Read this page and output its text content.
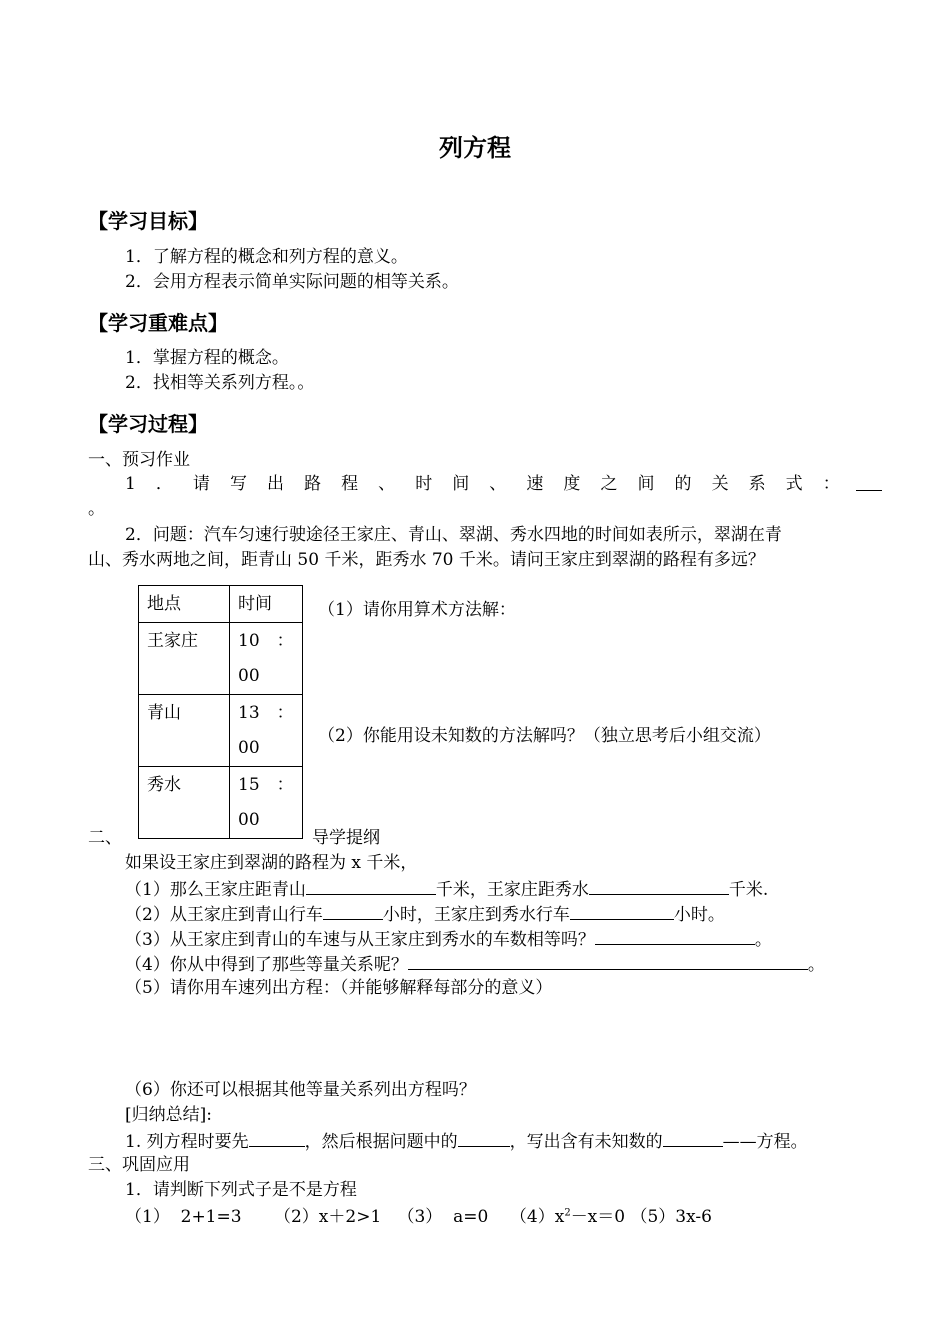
列方程
【学习目标】
1．了解方程的概念和列方程的意义。
2．会用方程表示简单实际问题的相等关系。
【学习重难点】
1．掌握方程的概念。
2．找相等关系列方程。。
【学习过程】
一、预习作业
1 ． 请 写 出 路 程 、 时 间 、 速 度 之 间 的 关 系 式 ：
。
2．问题：汽车匀速行驶途径王家庄、青山、翠湖、秀水四地的时间如表所示，翠湖在青
山、秀水两地之间，距青山 50 千米，距秀水 70 千米。请问王家庄到翠湖的路程有多远？
地点	时间
王家庄	10　：
00

青山	13　：
00

秀水	15　：
00
（1）请你用算术方法解：
（2）你能用设未知数的方法解吗？（独立思考后小组交流）
二、	导学提纲
如果设王家庄到翠湖的路程为 x 千米，
（1）那么王家庄距青山	千米，王家庄距秀水	千米.
（2）从王家庄到青山行车	小时，王家庄到秀水行车	小时。
（3）从王家庄到青山的车速与从王家庄到秀水的车数相等吗？	。
（4）你从中得到了那些等量关系呢？	。
（5）请你用车速列出方程：（并能够解释每部分的意义）
（6）你还可以根据其他等量关系列出方程吗？
[归纳总结]:
1. 列方程时要先	，然后根据问题中的	，写出含有未知数的	——方程。
三、巩固应用
1．请判断下列式子是不是方程
（1）  2+1=3      （2）x＋2>1   （3）  a=0    $(4)x^2-x=0$ （5）3x-6
